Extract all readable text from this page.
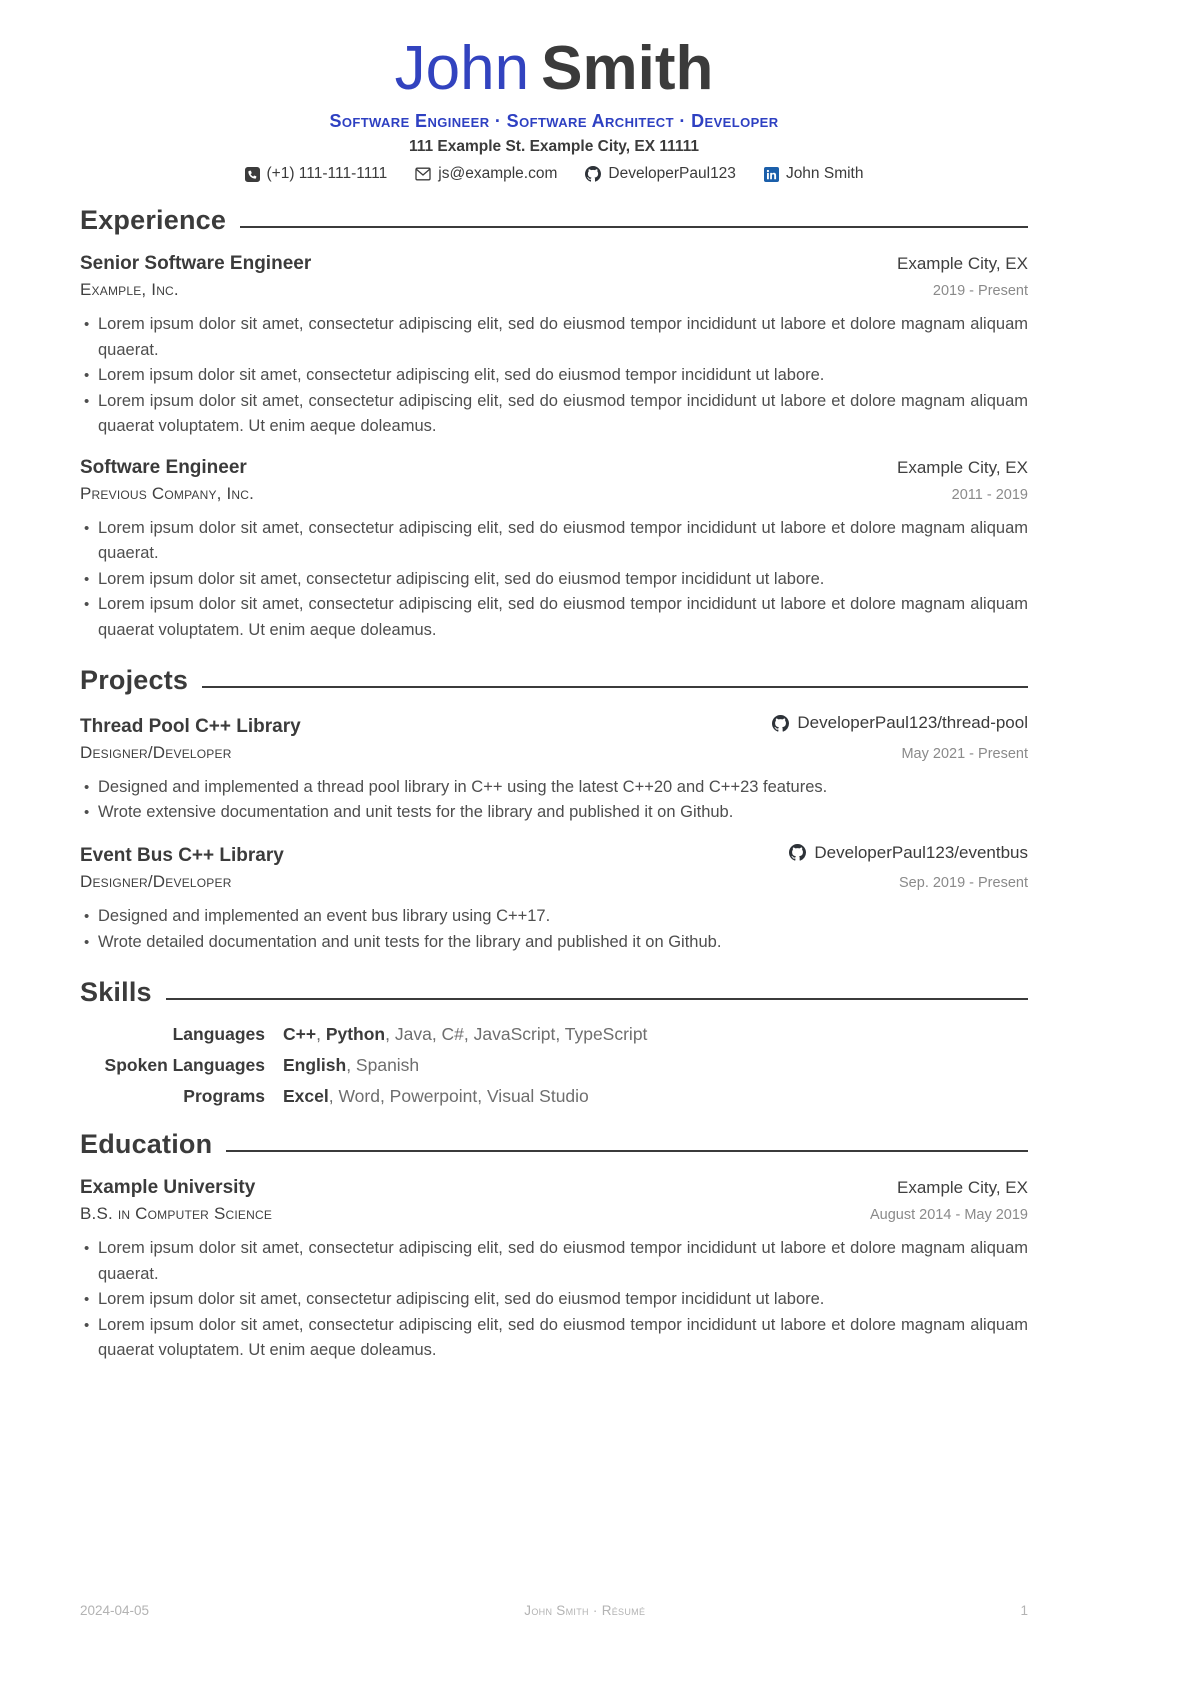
John Smith
Software Engineer · Software Architect · Developer
111 Example St. Example City, EX 11111
(+1) 111-111-1111	js@example.com	DeveloperPaul123	John Smith
Experience
Senior Software Engineer	Example City, EX
Example, Inc.	2019 - Present
• Lorem ipsum dolor sit amet, consectetur adipiscing elit, sed do eiusmod tempor incididunt ut labore et dolore magnam aliquam quaerat.
• Lorem ipsum dolor sit amet, consectetur adipiscing elit, sed do eiusmod tempor incididunt ut labore.
• Lorem ipsum dolor sit amet, consectetur adipiscing elit, sed do eiusmod tempor incididunt ut labore et dolore magnam aliquam quaerat voluptatem. Ut enim aeque doleamus.
Software Engineer	Example City, EX
Previous Company, Inc.	2011 - 2019
• Lorem ipsum dolor sit amet, consectetur adipiscing elit, sed do eiusmod tempor incididunt ut labore et dolore magnam aliquam quaerat.
• Lorem ipsum dolor sit amet, consectetur adipiscing elit, sed do eiusmod tempor incididunt ut labore.
• Lorem ipsum dolor sit amet, consectetur adipiscing elit, sed do eiusmod tempor incididunt ut labore et dolore magnam aliquam quaerat voluptatem. Ut enim aeque doleamus.
Projects
Thread Pool C++ Library	DeveloperPaul123/thread-pool
Designer/Developer	May 2021 - Present
• Designed and implemented a thread pool library in C++ using the latest C++20 and C++23 features.
• Wrote extensive documentation and unit tests for the library and published it on Github.
Event Bus C++ Library	DeveloperPaul123/eventbus
Designer/Developer	Sep. 2019 - Present
• Designed and implemented an event bus library using C++17.
• Wrote detailed documentation and unit tests for the library and published it on Github.
Skills
Languages C++, Python, Java, C#, JavaScript, TypeScript
Spoken Languages English, Spanish
Programs Excel, Word, Powerpoint, Visual Studio
Education
Example University	Example City, EX
B.S. in Computer Science	August 2014 - May 2019
• Lorem ipsum dolor sit amet, consectetur adipiscing elit, sed do eiusmod tempor incididunt ut labore et dolore magnam aliquam quaerat.
• Lorem ipsum dolor sit amet, consectetur adipiscing elit, sed do eiusmod tempor incididunt ut labore.
• Lorem ipsum dolor sit amet, consectetur adipiscing elit, sed do eiusmod tempor incididunt ut labore et dolore magnam aliquam quaerat voluptatem. Ut enim aeque doleamus.
2024-04-05	John Smith · Résumé	1
